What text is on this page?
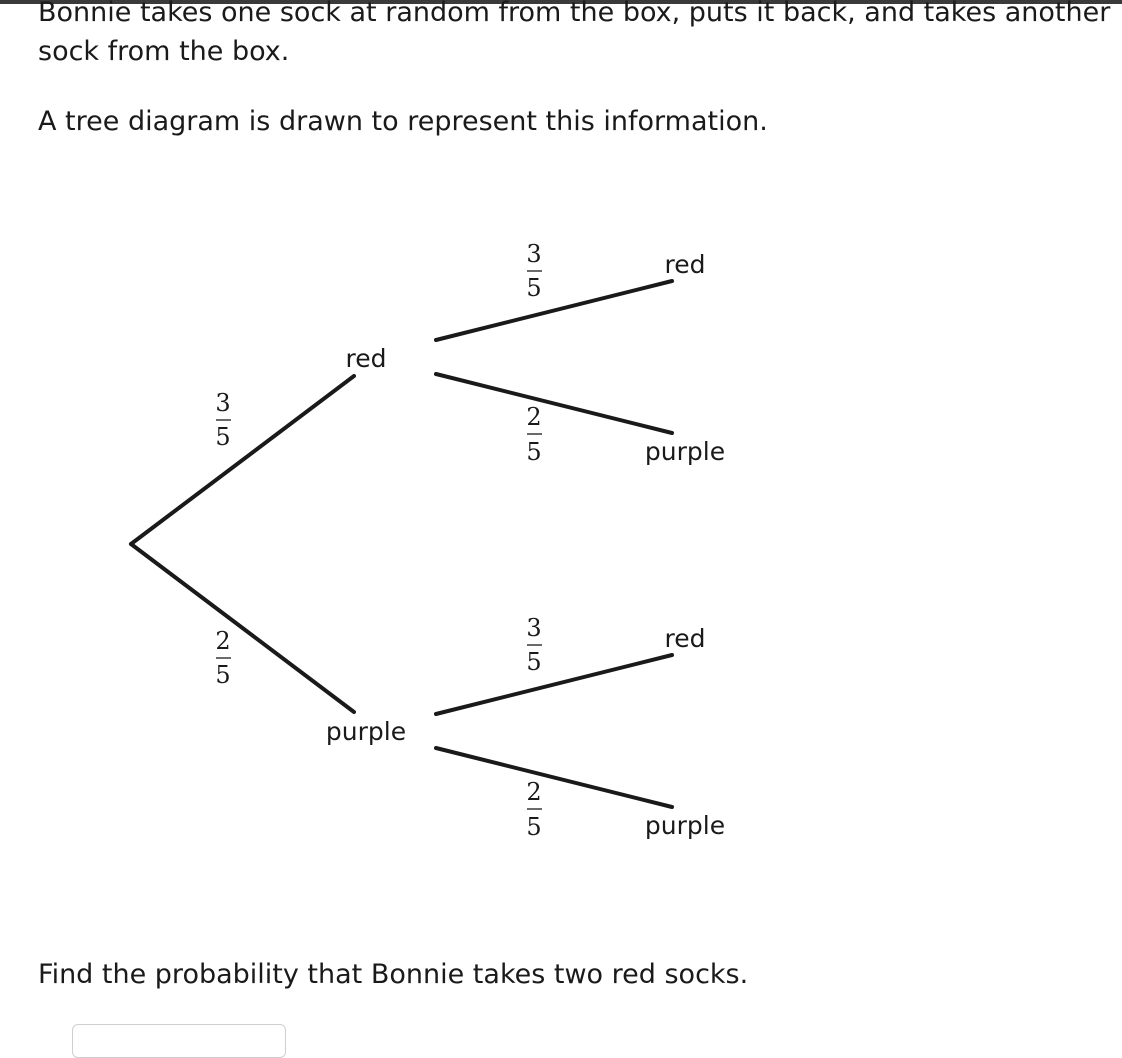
Bonnie takes one sock at random from the box, puts it back, and takes another

sock from the box.

A tree diagram is drawn to represent this information.

3
5
2
5
red
purple
3
5
2
5
3
5
2
5
red
purple
red
purple

Find the probability that Bonnie takes two red socks.
